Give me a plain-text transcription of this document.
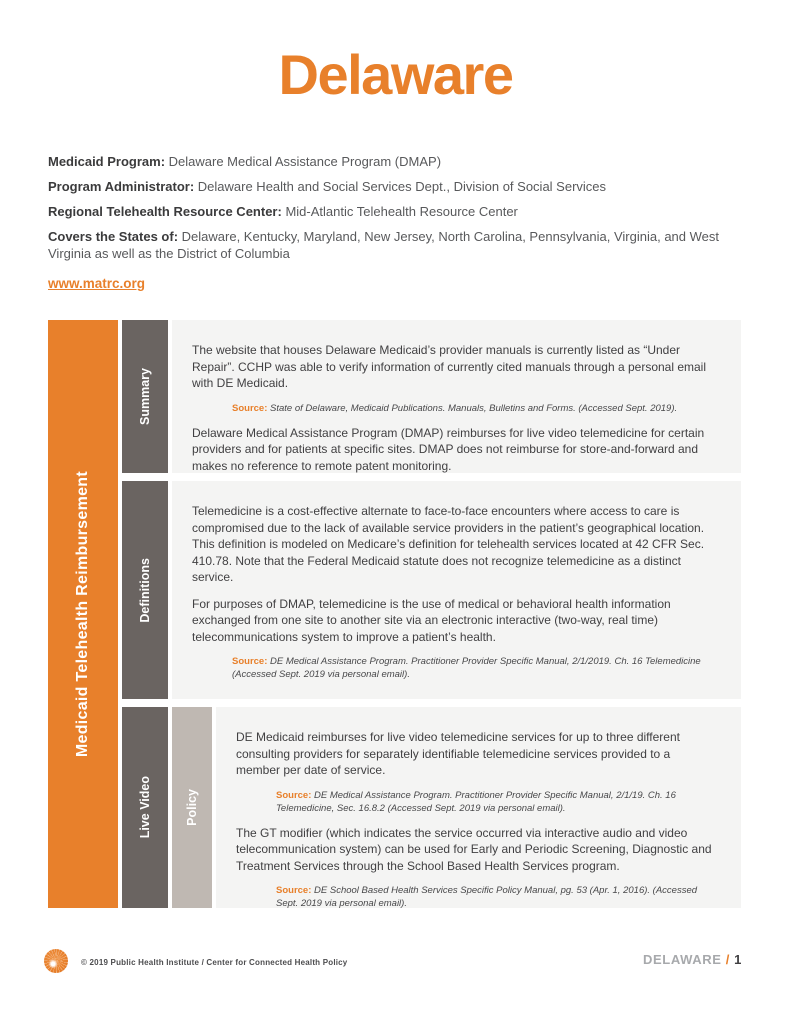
Delaware

Medicaid Program: Delaware Medical Assistance Program (DMAP)

Program Administrator: Delaware Health and Social Services Dept., Division of Social Services

Regional Telehealth Resource Center: Mid-Atlantic Telehealth Resource Center

Covers the States of: Delaware, Kentucky, Maryland, New Jersey, North Carolina, Pennsylvania, Virginia, and West Virginia as well as the District of Columbia

www.matrc.org
Medicaid Telehealth Reimbursement
Summary

The website that houses Delaware Medicaid’s provider manuals is currently listed as “Under Repair”. CCHP was able to verify information of currently cited manuals through a personal email with DE Medicaid.

Source: State of Delaware, Medicaid Publications. Manuals, Bulletins and Forms. (Accessed Sept. 2019).

Delaware Medical Assistance Program (DMAP) reimburses for live video telemedicine for certain providers and for patients at specific sites. DMAP does not reimburse for store-and-forward and makes no reference to remote patent monitoring.

Definitions

Telemedicine is a cost-effective alternate to face-to-face encounters where access to care is compromised due to the lack of available service providers in the patient’s geographical location. This definition is modeled on Medicare’s definition for telehealth services located at 42 CFR Sec. 410.78. Note that the Federal Medicaid statute does not recognize telemedicine as a distinct service.

For purposes of DMAP, telemedicine is the use of medical or behavioral health information exchanged from one site to another site via an electronic interactive (two-way, real time) telecommunications system to improve a patient’s health.

Source: DE Medical Assistance Program. Practitioner Provider Specific Manual, 2/1/2019. Ch. 16 Telemedicine (Accessed Sept. 2019 via personal email).

Live Video	Policy

DE Medicaid reimburses for live video telemedicine services for up to three different consulting providers for separately identifiable telemedicine services provided to a member per date of service.

Source: DE Medical Assistance Program. Practitioner Provider Specific Manual, 2/1/19. Ch. 16 Telemedicine, Sec. 16.8.2 (Accessed Sept. 2019 via personal email).

The GT modifier (which indicates the service occurred via interactive audio and video telecommunication system) can be used for Early and Periodic Screening, Diagnostic and Treatment Services through the School Based Health Services program.

Source: DE School Based Health Services Specific Policy Manual, pg. 53 (Apr. 1, 2016). (Accessed Sept. 2019 via personal email).

© 2019 Public Health Institute / Center for Connected Health Policy	DELAWARE / 1
